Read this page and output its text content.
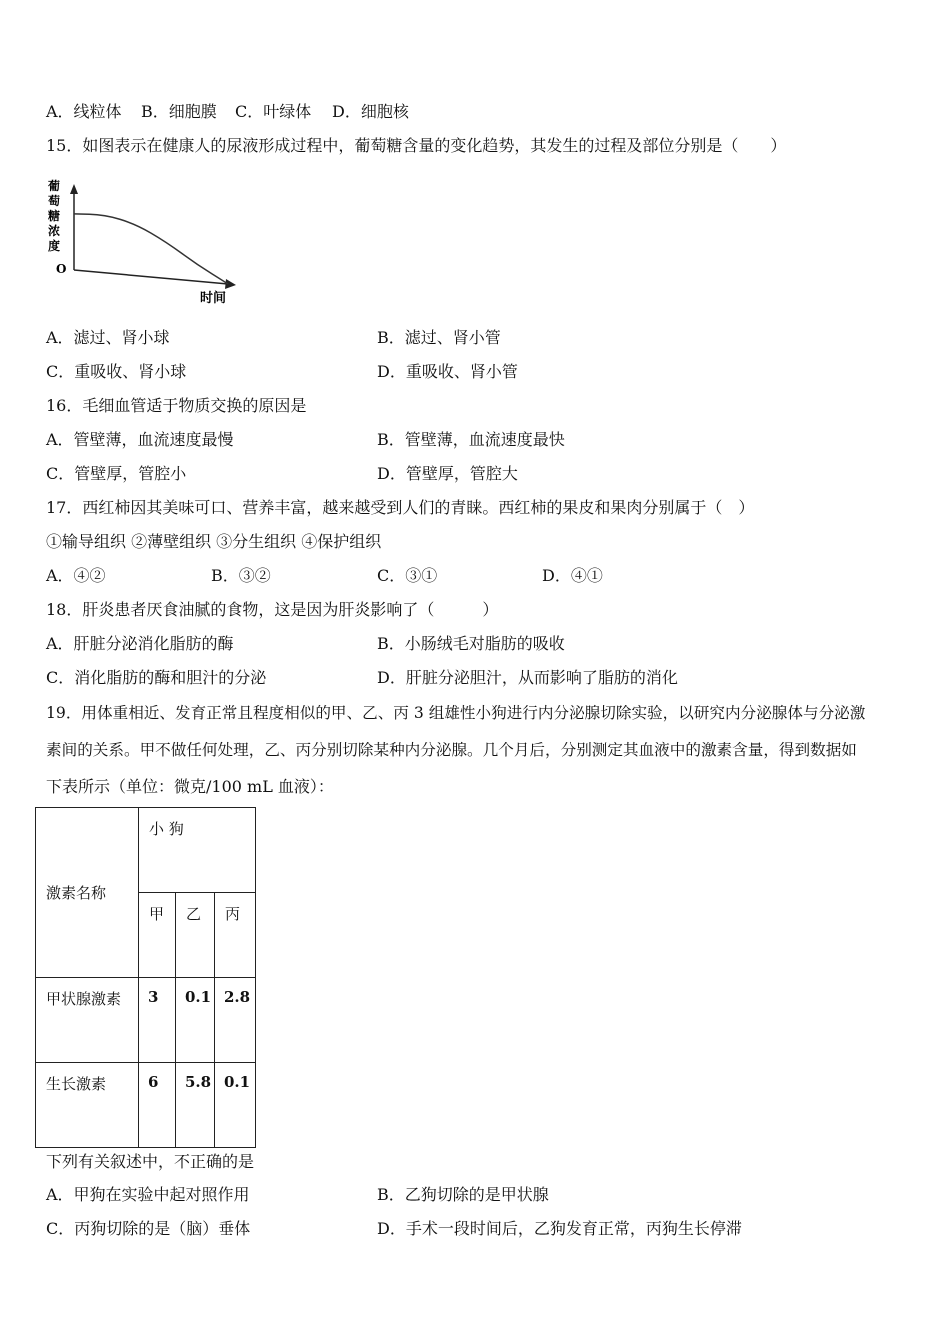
A．线粒体 B．细胞膜 C．叶绿体 D．细胞核
15．如图表示在健康人的尿液形成过程中，葡萄糖含量的变化趋势，其发生的过程及部位分别是（　　）
葡
萄
糖
浓
度
O
时间
A．滤过、肾小球	B．滤过、肾小管
C．重吸收、肾小球	D．重吸收、肾小管
16．毛细血管适于物质交换的原因是
A．管壁薄，血流速度最慢	B．管壁薄，血流速度最快
C．管壁厚，管腔小	D．管壁厚，管腔大
17．西红柿因其美味可口、营养丰富，越来越受到人们的青睐。西红柿的果皮和果肉分别属于（　）
①输导组织 ②薄壁组织 ③分生组织 ④保护组织
A．④②	B．③②	C．③①	D．④①
18．肝炎患者厌食油腻的食物，这是因为肝炎影响了（　　　）
A．肝脏分泌消化脂肪的酶	B．小肠绒毛对脂肪的吸收
C．消化脂肪的酶和胆汁的分泌	D．肝脏分泌胆汁，从而影响了脂肪的消化
19．用体重相近、发育正常且程度相似的甲、乙、丙 3 组雄性小狗进行内分泌腺切除实验，以研究内分泌腺体与分泌激
素间的关系。甲不做任何处理，乙、丙分别切除某种内分泌腺。几个月后，分别测定其血液中的激素含量，得到数据如
下表所示（单位：微克/100 mL 血液）：
激素名称	小 狗		

	甲	乙	丙

甲状腺激素	3	0.1	2.8

生长激素	6	5.8	0.1
下列有关叙述中，不正确的是
A．甲狗在实验中起对照作用	B．乙狗切除的是甲状腺
C．丙狗切除的是（脑）垂体	D．手术一段时间后，乙狗发育正常，丙狗生长停滞
